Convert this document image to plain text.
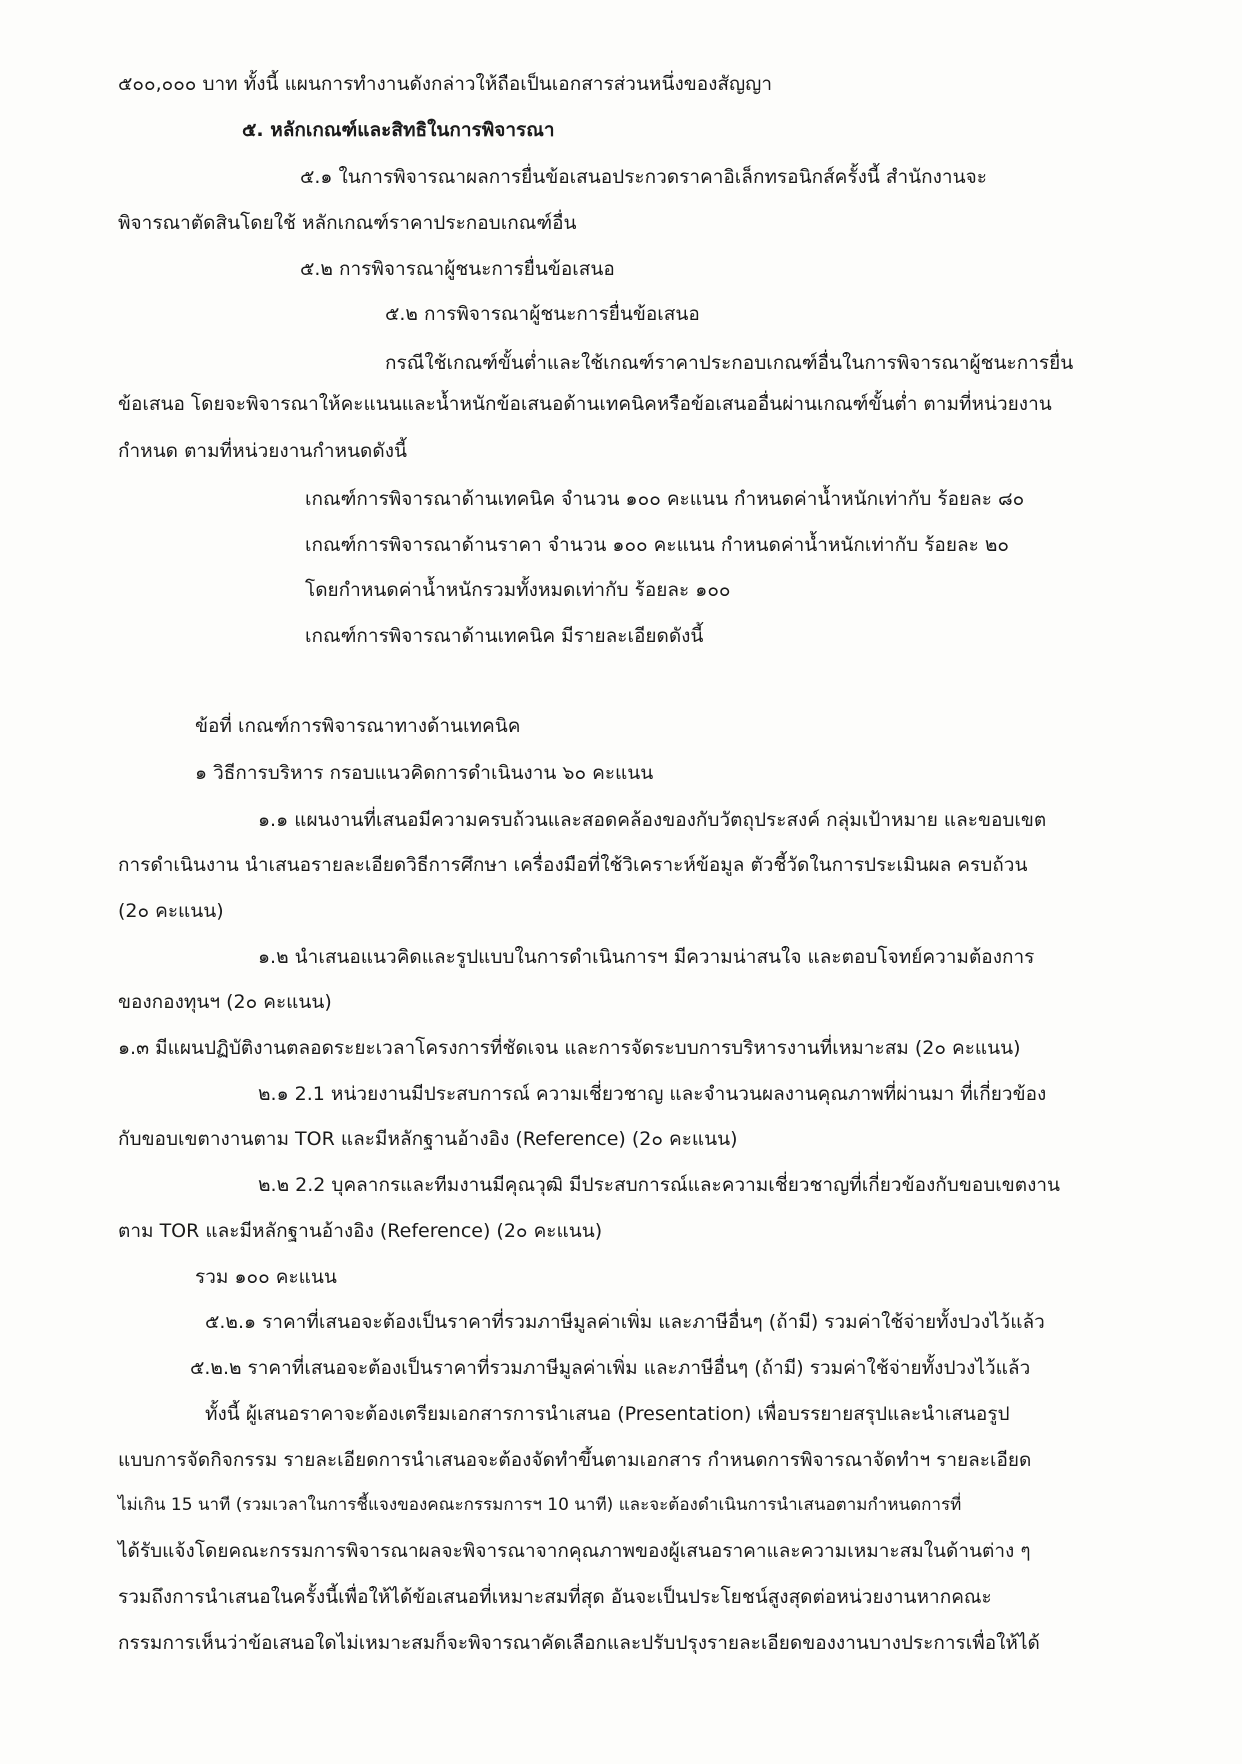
๕๐๐,๐๐๐ บาท ทั้งนี้ แผนการทำงานดังกล่าวให้ถือเป็นเอกสารส่วนหนึ่งของสัญญา
๕. หลักเกณฑ์และสิทธิในการพิจารณา
๕.๑ ในการพิจารณาผลการยื่นข้อเสนอประกวดราคาอิเล็กทรอนิกส์ครั้งนี้ สำนักงานจะ
พิจารณาตัดสินโดยใช้ หลักเกณฑ์ราคาประกอบเกณฑ์อื่น
๕.๒ การพิจารณาผู้ชนะการยื่นข้อเสนอ
๕.๒ การพิจารณาผู้ชนะการยื่นข้อเสนอ
กรณีใช้เกณฑ์ขั้นต่ำและใช้เกณฑ์ราคาประกอบเกณฑ์อื่นในการพิจารณาผู้ชนะการยื่น
ข้อเสนอ โดยจะพิจารณาให้คะแนนและน้ำหนักข้อเสนอด้านเทคนิคหรือข้อเสนออื่นผ่านเกณฑ์ขั้นต่ำ ตามที่หน่วยงาน
กำหนด ตามที่หน่วยงานกำหนดดังนี้
เกณฑ์การพิจารณาด้านเทคนิค จำนวน ๑๐๐ คะแนน กำหนดค่าน้ำหนักเท่ากับ ร้อยละ ๘๐
เกณฑ์การพิจารณาด้านราคา จำนวน ๑๐๐ คะแนน กำหนดค่าน้ำหนักเท่ากับ ร้อยละ ๒๐
โดยกำหนดค่าน้ำหนักรวมทั้งหมดเท่ากับ ร้อยละ ๑๐๐
เกณฑ์การพิจารณาด้านเทคนิค มีรายละเอียดดังนี้
ข้อที่ เกณฑ์การพิจารณาทางด้านเทคนิค
๑ วิธีการบริหาร กรอบแนวคิดการดำเนินงาน ๖๐ คะแนน
๑.๑ แผนงานที่เสนอมีความครบถ้วนและสอดคล้องของกับวัตถุประสงค์ กลุ่มเป้าหมาย และขอบเขต
การดำเนินงาน นำเสนอรายละเอียดวิธีการศึกษา เครื่องมือที่ใช้วิเคราะห์ข้อมูล ตัวชี้วัดในการประเมินผล ครบถ้วน
(2๐ คะแนน)
๑.๒ นำเสนอแนวคิดและรูปแบบในการดำเนินการฯ มีความน่าสนใจ และตอบโจทย์ความต้องการ
ของกองทุนฯ (2๐ คะแนน)
๑.๓ มีแผนปฏิบัติงานตลอดระยะเวลาโครงการที่ชัดเจน และการจัดระบบการบริหารงานที่เหมาะสม (2๐ คะแนน)
๒.๑ 2.1 หน่วยงานมีประสบการณ์ ความเชี่ยวชาญ และจำนวนผลงานคุณภาพที่ผ่านมา ที่เกี่ยวข้อง
กับขอบเขตางานตาม TOR และมีหลักฐานอ้างอิง (Reference) (2๐ คะแนน)
๒.๒ 2.2 บุคลากรและทีมงานมีคุณวุฒิ มีประสบการณ์และความเชี่ยวชาญที่เกี่ยวข้องกับขอบเขตงาน
ตาม TOR และมีหลักฐานอ้างอิง (Reference) (2๐ คะแนน)
รวม ๑๐๐ คะแนน
๕.๒.๑ ราคาที่เสนอจะต้องเป็นราคาที่รวมภาษีมูลค่าเพิ่ม และภาษีอื่นๆ (ถ้ามี) รวมค่าใช้จ่ายทั้งปวงไว้แล้ว
๕.๒.๒ ราคาที่เสนอจะต้องเป็นราคาที่รวมภาษีมูลค่าเพิ่ม และภาษีอื่นๆ (ถ้ามี) รวมค่าใช้จ่ายทั้งปวงไว้แล้ว
ทั้งนี้ ผู้เสนอราคาจะต้องเตรียมเอกสารการนำเสนอ (Presentation) เพื่อบรรยายสรุปและนำเสนอรูป
แบบการจัดกิจกรรม รายละเอียดการนำเสนอจะต้องจัดทำขึ้นตามเอกสาร กำหนดการพิจารณาจัดทำฯ รายละเอียด
ไม่เกิน 15 นาที (รวมเวลาในการชี้แจงของคณะกรรมการฯ 10 นาที) และจะต้องดำเนินการนำเสนอตามกำหนดการที่
ได้รับแจ้งโดยคณะกรรมการพิจารณาผลจะพิจารณาจากคุณภาพของผู้เสนอราคาและความเหมาะสมในด้านต่าง ๆ
รวมถึงการนำเสนอในครั้งนี้เพื่อให้ได้ข้อเสนอที่เหมาะสมที่สุด อันจะเป็นประโยชน์สูงสุดต่อหน่วยงานหากคณะ
กรรมการเห็นว่าข้อเสนอใดไม่เหมาะสมก็จะพิจารณาคัดเลือกและปรับปรุงรายละเอียดของงานบางประการเพื่อให้ได้
